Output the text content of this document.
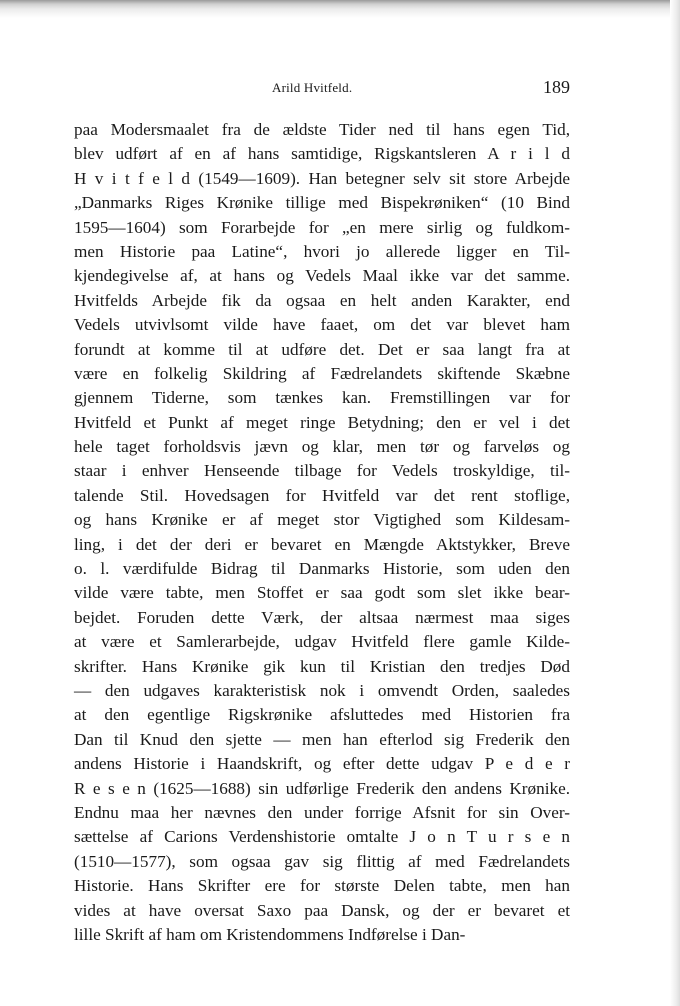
Arild Hvitfeld.	189
paa Modersmaalet fra de ældste Tider ned til hans egen Tid,
blev udført af en af hans samtidige, Rigskantsleren A r i l d
H v i t f e l d (1549—1609). Han betegner selv sit store Arbejde
„Danmarks Riges Krønike tillige med Bispekrøniken“ (10 Bind
1595—1604) som Forarbejde for „en mere sirlig og fuldkom-
men Historie paa Latine“, hvori jo allerede ligger en Til-
kjendegivelse af, at hans og Vedels Maal ikke var det samme.
Hvitfelds Arbejde fik da ogsaa en helt anden Karakter, end
Vedels utvivlsomt vilde have faaet, om det var blevet ham
forundt at komme til at udføre det. Det er saa langt fra at
være en folkelig Skildring af Fædrelandets skiftende Skæbne
gjennem Tiderne, som tænkes kan. Fremstillingen var for
Hvitfeld et Punkt af meget ringe Betydning; den er vel i det
hele taget forholdsvis jævn og klar, men tør og farveløs og
staar i enhver Henseende tilbage for Vedels troskyldige, til-
talende Stil. Hovedsagen for Hvitfeld var det rent stoflige,
og hans Krønike er af meget stor Vigtighed som Kildesam-
ling, i det der deri er bevaret en Mængde Aktstykker, Breve
o. l. værdifulde Bidrag til Danmarks Historie, som uden den
vilde være tabte, men Stoffet er saa godt som slet ikke bear-
bejdet. Foruden dette Værk, der altsaa nærmest maa siges
at være et Samlerarbejde, udgav Hvitfeld flere gamle Kilde-
skrifter. Hans Krønike gik kun til Kristian den tredjes Død
— den udgaves karakteristisk nok i omvendt Orden, saaledes
at den egentlige Rigskrønike afsluttedes med Historien fra
Dan til Knud den sjette — men han efterlod sig Frederik den
andens Historie i Haandskrift, og efter dette udgav P e d e r
R e s e n (1625—1688) sin udførlige Frederik den andens Krønike.
Endnu maa her nævnes den under forrige Afsnit for sin Over-
sættelse af Carions Verdenshistorie omtalte J o n T u r s e n
(1510—1577), som ogsaa gav sig flittig af med Fædrelandets
Historie. Hans Skrifter ere for største Delen tabte, men han
vides at have oversat Saxo paa Dansk, og der er bevaret et
lille Skrift af ham om Kristendommens Indførelse i Dan-
